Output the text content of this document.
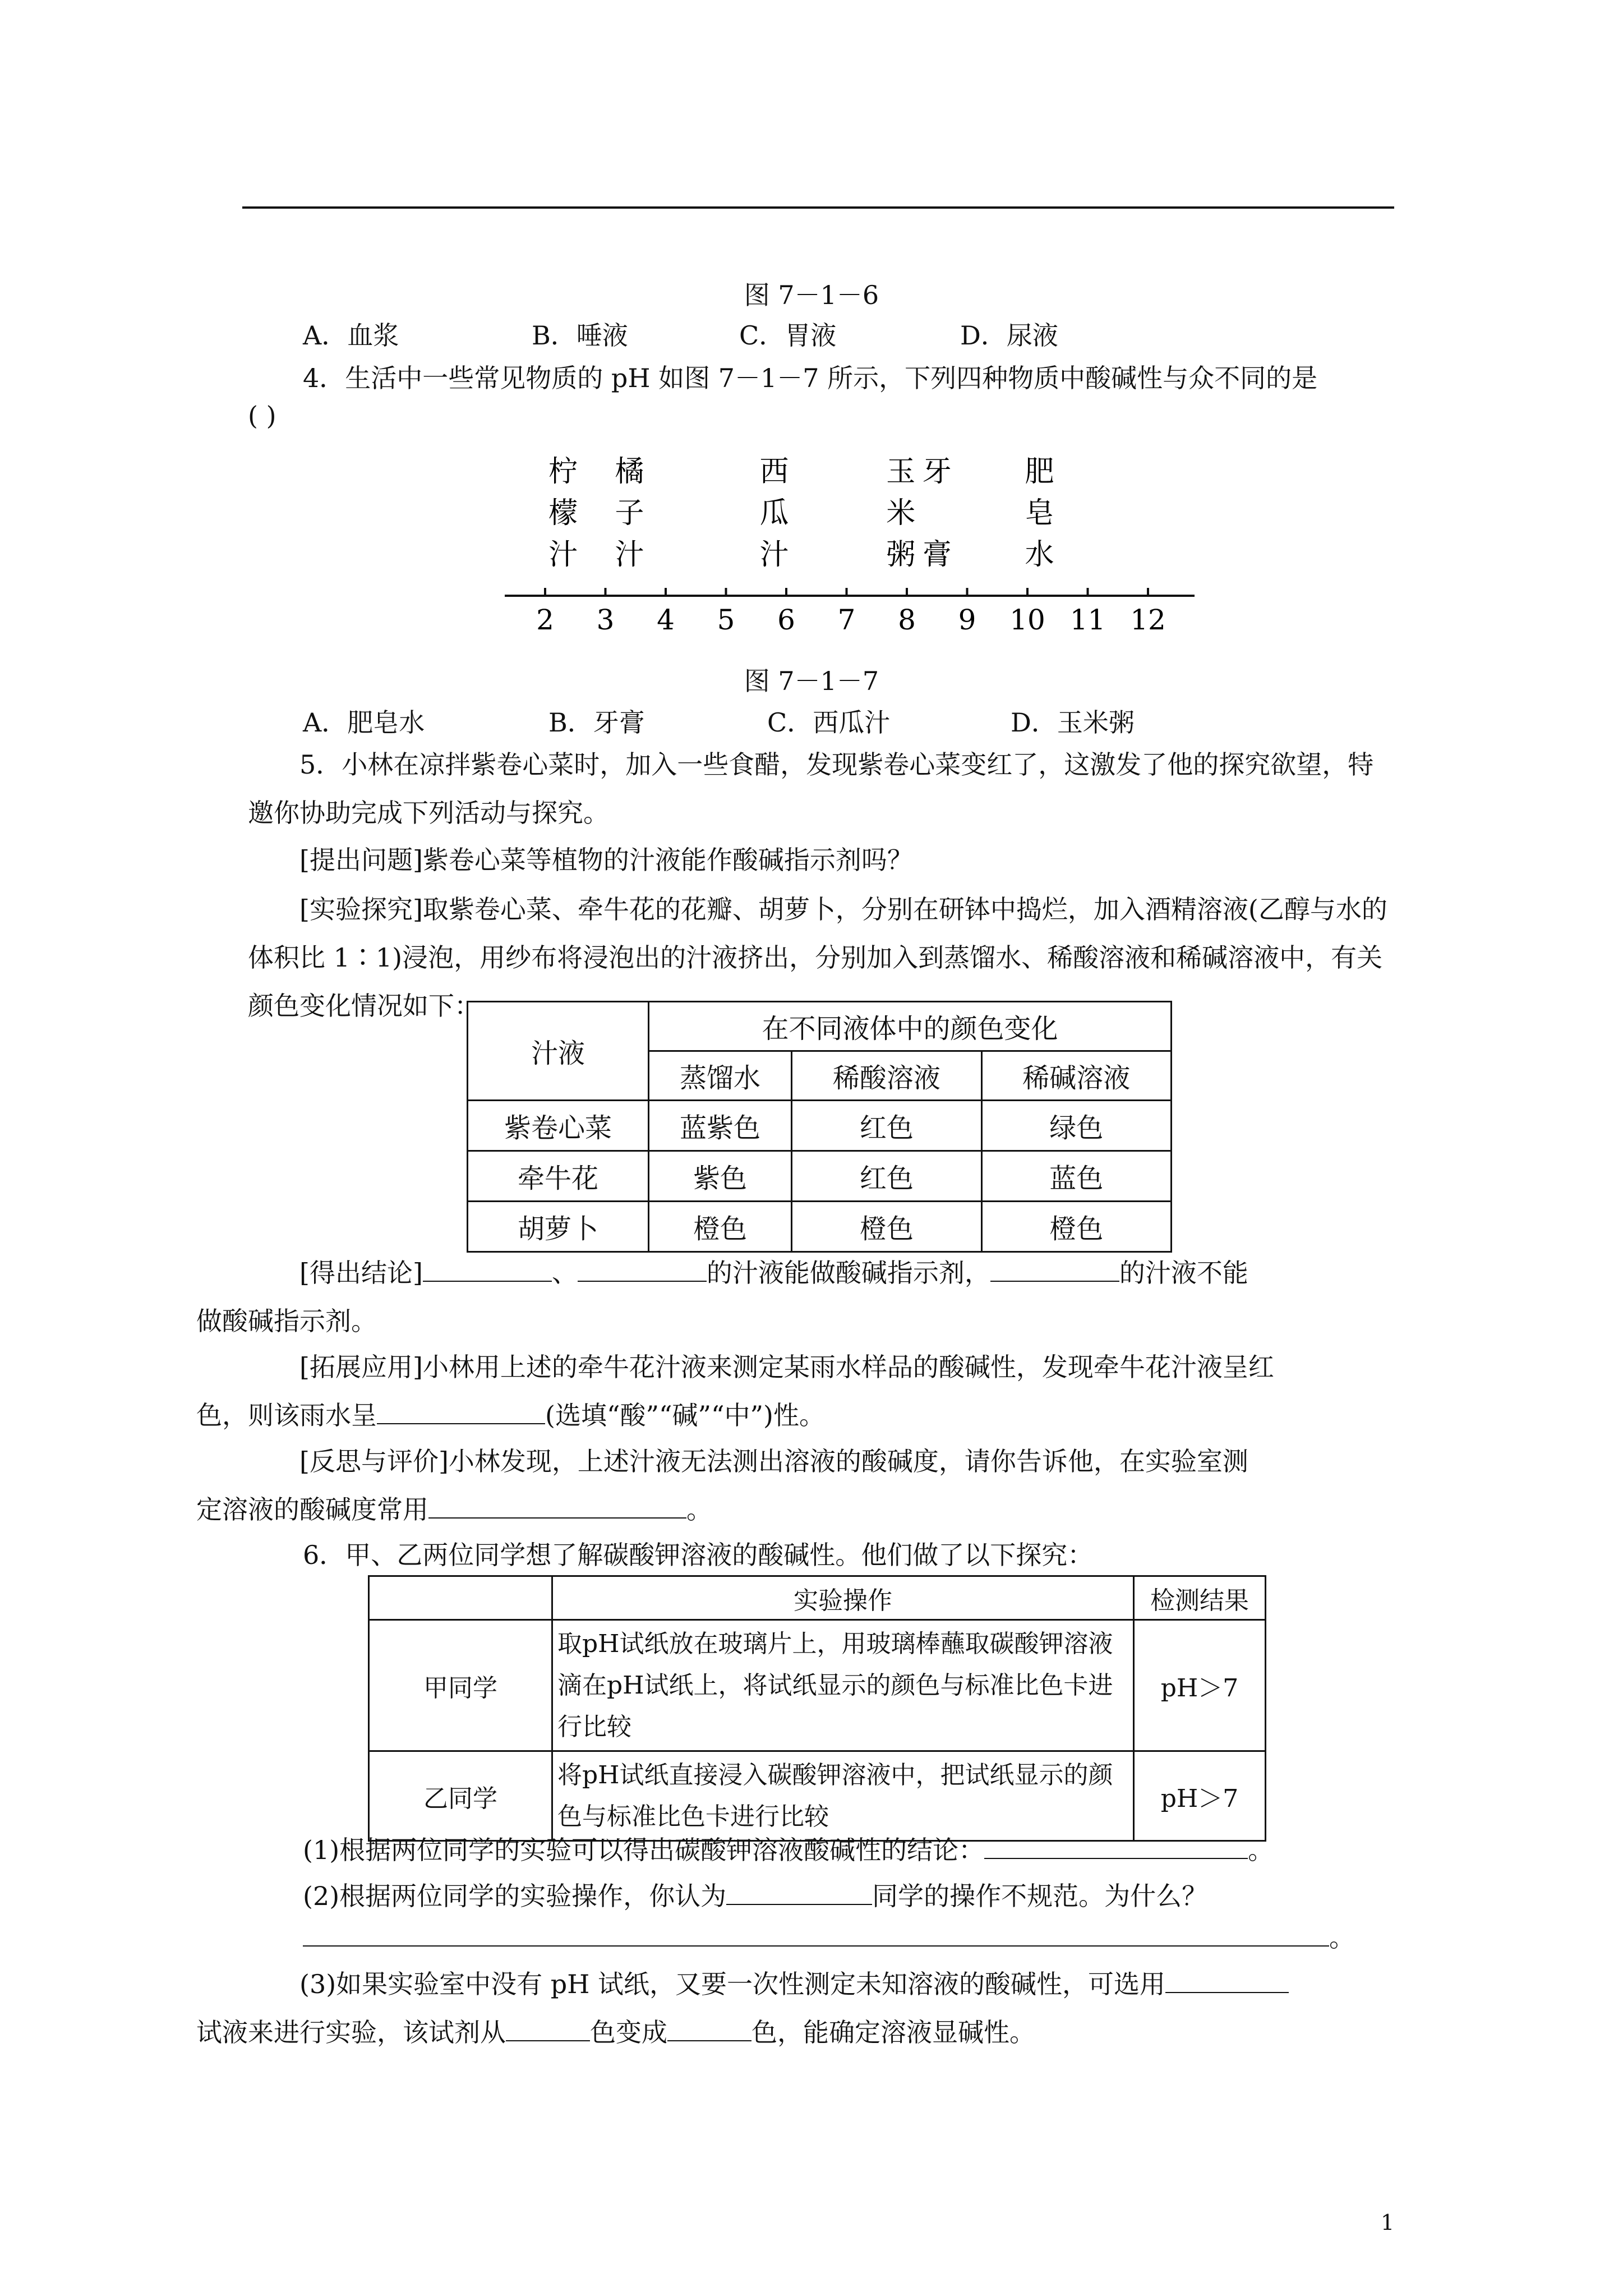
图 7－1－6
A．血浆	B．唾液	C．胃液	D．尿液
4．生活中一些常见物质的 pH 如图 7－1－7 所示，下列四种物质中酸碱性与众不同的是
( )
柠
檬
汁
橘
子
汁
西
瓜
汁
玉
米
粥
牙
膏
肥
皂
水
2 3 4 5 6 7 8 9 10 11 12
图 7－1－7
A．肥皂水	B．牙膏	C．西瓜汁	D．玉米粥
5．小林在凉拌紫卷心菜时，加入一些食醋，发现紫卷心菜变红了，这激发了他的探究欲望，特邀你协助完成下列活动与探究。
[提出问题]紫卷心菜等植物的汁液能作酸碱指示剂吗？
[实验探究]取紫卷心菜、牵牛花的花瓣、胡萝卜，分别在研钵中捣烂，加入酒精溶液(乙醇与水的体积比 1∶1)浸泡，用纱布将浸泡出的汁液挤出，分别加入到蒸馏水、稀酸溶液和稀碱溶液中，有关颜色变化情况如下：
汁液	在不同液体中的颜色变化		
	蒸馏水	稀酸溶液	稀碱溶液
紫卷心菜	蓝紫色	红色	绿色
牵牛花	紫色	红色	蓝色
胡萝卜	橙色	橙色	橙色
[得出结论]	、	的汁液能做酸碱指示剂，	的汁液不能
做酸碱指示剂。
[拓展应用]小林用上述的牵牛花汁液来测定某雨水样品的酸碱性，发现牵牛花汁液呈红
色，则该雨水呈	(选填“酸”“碱”“中”)性。
[反思与评价]小林发现，上述汁液无法测出溶液的酸碱度，请你告诉他，在实验室测
定溶液的酸碱度常用	。
6．甲、乙两位同学想了解碳酸钾溶液的酸碱性。他们做了以下探究：
	实验操作	检测结果
甲同学	取pH试纸放在玻璃片上，用玻璃棒蘸取碳酸钾溶液滴在pH试纸上，将试纸显示的颜色与标准比色卡进行比较	pH＞7
乙同学	将pH试纸直接浸入碳酸钾溶液中，把试纸显示的颜色与标准比色卡进行比较	pH＞7
(1)根据两位同学的实验可以得出碳酸钾溶液酸碱性的结论：	。
(2)根据两位同学的实验操作，你认为	同学的操作不规范。为什么？
。
(3)如果实验室中没有 pH 试纸，又要一次性测定未知溶液的酸碱性，可选用
试液来进行实验，该试剂从	色变成	色，能确定溶液显碱性。
1
